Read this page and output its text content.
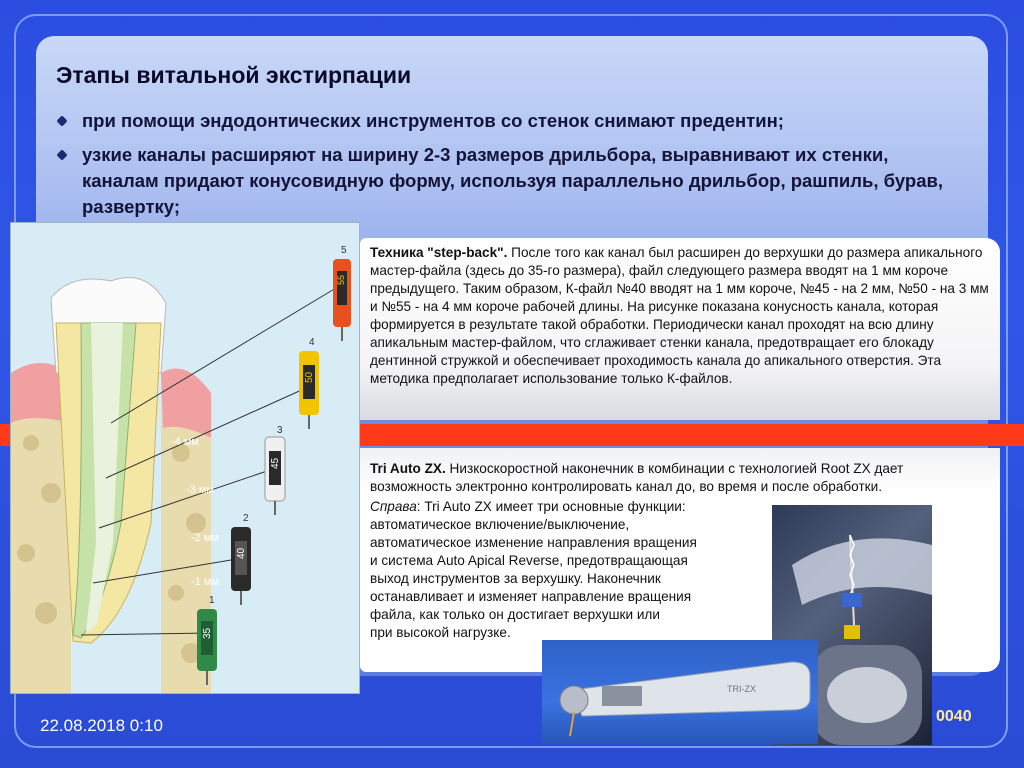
Этапы витальной экстирпации
при помощи эндодонтических инструментов со стенок снимают предентин;
узкие каналы расширяют на ширину 2-3 размеров дрильбора, выравнивают их стенки, каналам придают конусовидную форму, используя параллельно дрильбор, рашпиль, бурав, развертку;
-4 мм
-3 мм
-2 мм
-1 мм
5
55
4
50
3
45
2
40
1
35
Техника "step-back". После того как канал был расширен до верхушки до размера апикального мастер-файла (здесь до 35-го размера), файл следующего размера вводят на 1 мм короче предыдущего. Таким образом, К-файл №40 вводят на 1 мм короче, №45 - на 2 мм, №50 - на 3 мм и №55 - на 4 мм короче рабочей длины. На рисунке показана конусность канала, которая формируется в результате такой обработки. Периодически канал проходят на всю длину апикальным мастер-файлом, что сглаживает стенки канала, предотвращает его блокаду дентинной стружкой и обеспечивает проходимость канала до апикального отверстия. Эта методика предполагает использование только К-файлов.
Tri Auto ZX. Низкоскоростной наконечник в комбинации с технологией Root ZX дает возможность электронно контролировать канал до, во время и после обработки.

Справа: Tri Auto ZX имеет три основные функции:

автоматическое включение/выключение,

автоматическое изменение направления вращения

и система Auto Apical Reverse, предотвращающая

выход инструментов за верхушку. Наконечник

останавливает и изменяет направление вращения

файла, как только он достигает верхушки или

при высокой нагрузке.

TRI-ZX
22.08.2018 0:10	0040
